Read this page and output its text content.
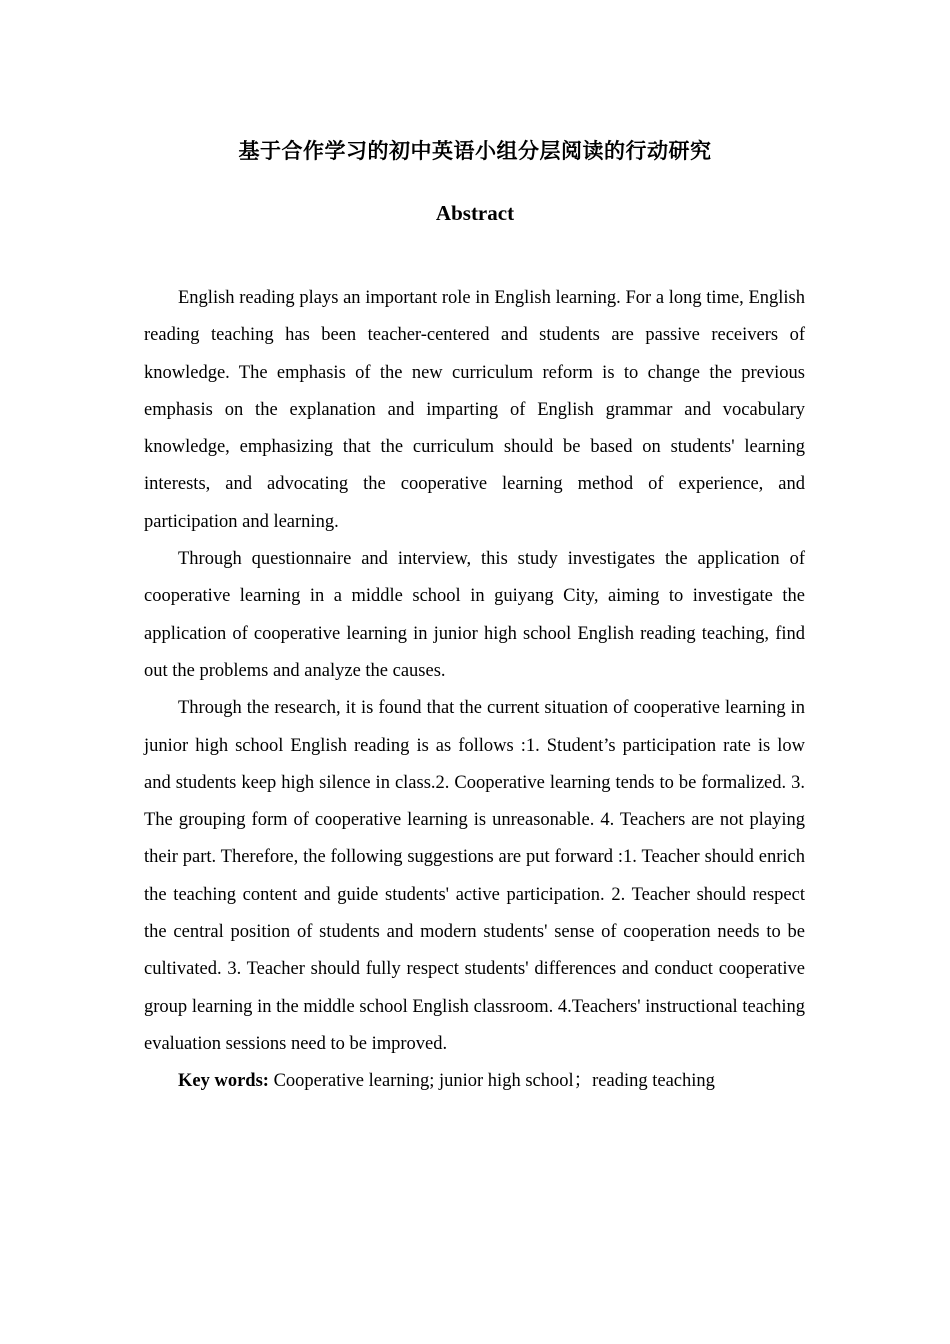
基于合作学习的初中英语小组分层阅读的行动研究
Abstract

English reading plays an important role in English learning. For a long time, English reading teaching has been teacher-centered and students are passive receivers of knowledge. The emphasis of the new curriculum reform is to change the previous emphasis on the explanation and imparting of English grammar and vocabulary knowledge, emphasizing that the curriculum should be based on students' learning interests, and advocating the cooperative learning method of experience, and participation and learning.

Through questionnaire and interview, this study investigates the application of cooperative learning in a middle school in guiyang City, aiming to investigate the application of cooperative learning in junior high school English reading teaching, find out the problems and analyze the causes.

Through the research, it is found that the current situation of cooperative learning in junior high school English reading is as follows :1. Student’s participation rate is low and students keep high silence in class.2. Cooperative learning tends to be formalized. 3. The grouping form of cooperative learning is unreasonable. 4. Teachers are not playing their part. Therefore, the following suggestions are put forward :1. Teacher should enrich the teaching content and guide students' active participation. 2. Teacher should respect the central position of students and modern students' sense of cooperation needs to be cultivated. 3. Teacher should fully respect students' differences and conduct cooperative group learning in the middle school English classroom. 4.Teachers' instructional teaching evaluation sessions need to be improved.

Key words: Cooperative learning; junior high school；reading teaching
